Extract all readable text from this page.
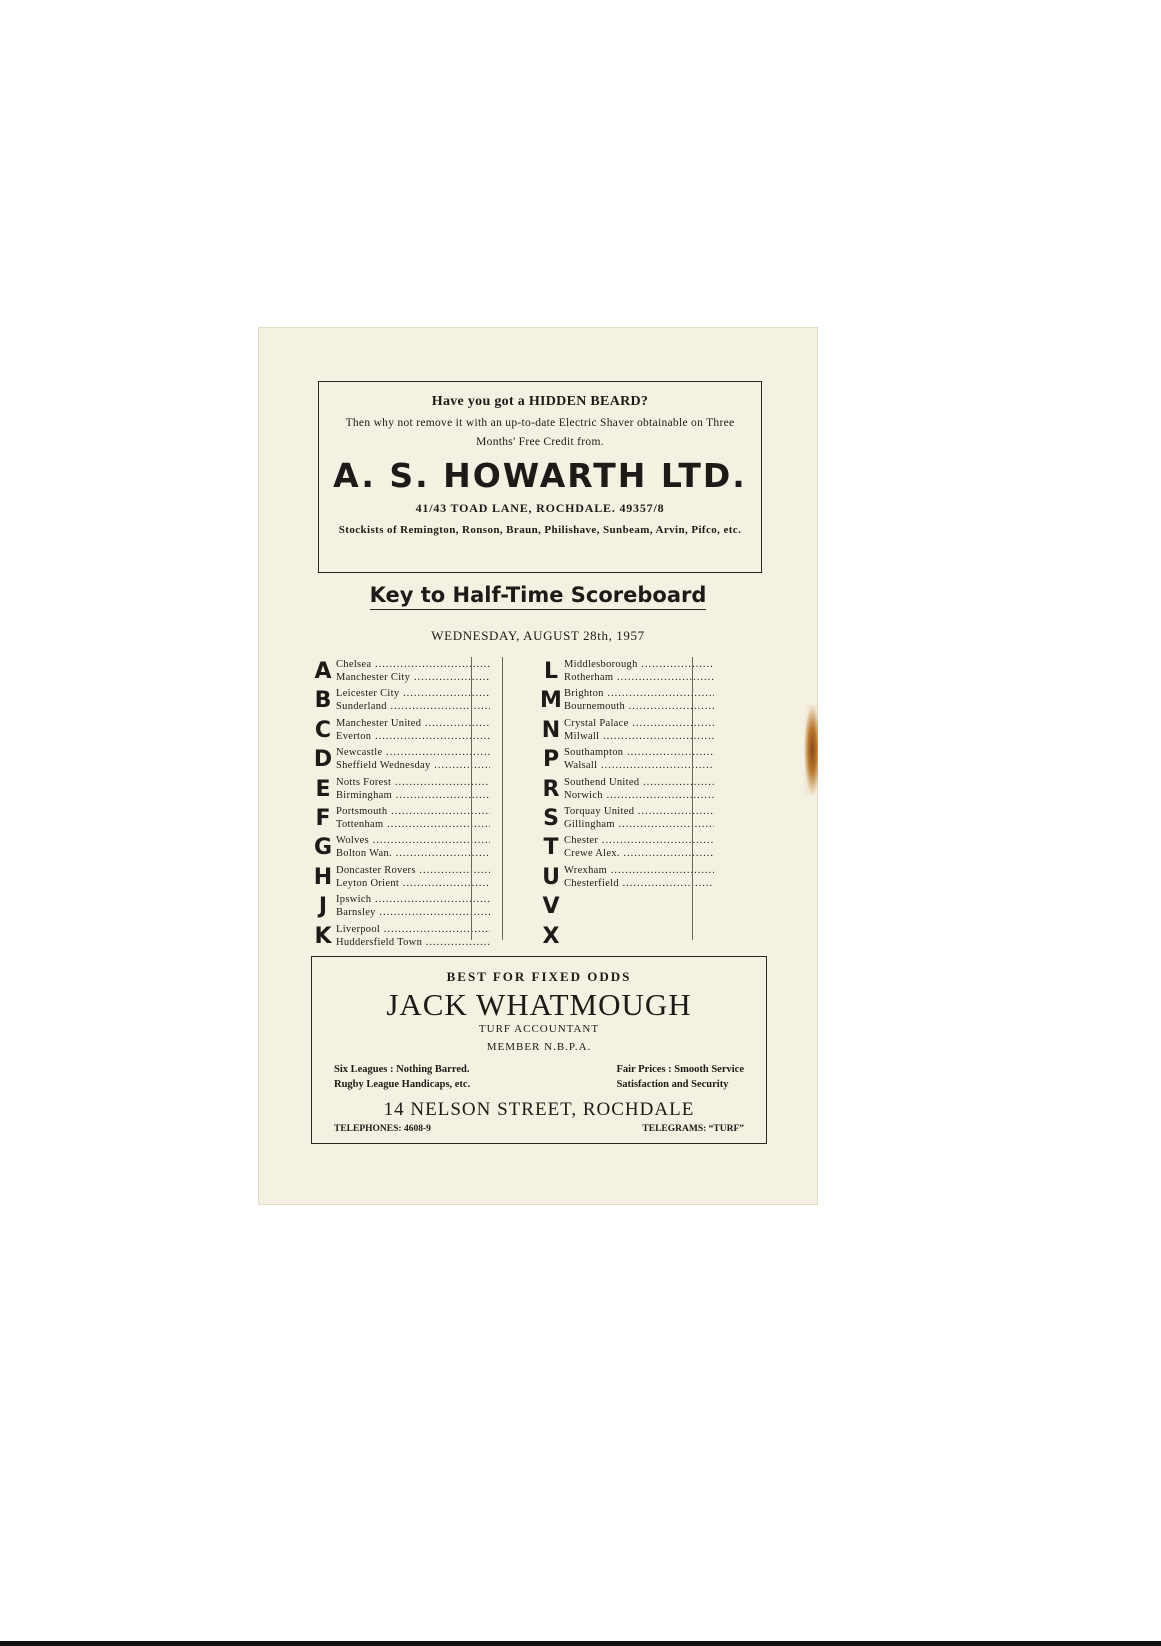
Have you got a HIDDEN BEARD?
Then why not remove it with an up-to-date Electric Shaver obtainable on Three Months' Free Credit from.
A. S. HOWARTH LTD.
41/43 TOAD LANE, ROCHDALE. 49357/8
Stockists of Remington, Ronson, Braun, Philishave, Sunbeam, Arvin, Pifco, etc.
Key to Half-Time Scoreboard
WEDNESDAY, AUGUST 28th, 1957
A Chelsea .....
Manchester City .....
B Leicester City .....
Sunderland .....
C Manchester United .....
Everton .....
D Newcastle .....
Sheffield Wednesday .....
E Notts Forest .....
Birmingham .....
F Portsmouth .....
Tottenham .....
G Wolves .....
Bolton Wan. .....
H Doncaster Rovers .....
Leyton Orient .....
J Ipswich .....
Barnsley .....
K Liverpool .....
Huddersfield Town .....
L Middlesborough .....
Rotherham .....
M Brighton .....
Bournemouth .....
N Crystal Palace .....
Milwall .....
P Southampton .....
Walsall .....
R Southend United .....
Norwich .....
S Torquay United .....
Gillingham .....
T Chester .....
Crewe Alex. .....
U Wrexham .....
Chesterfield .....
V
X
BEST FOR FIXED ODDS
JACK WHATMOUGH
TURF ACCOUNTANT
MEMBER N.B.P.A.
Six Leagues : Nothing Barred.
Rugby League Handicaps, etc.
Fair Prices : Smooth Service
Satisfaction and Security
14 NELSON STREET, ROCHDALE
TELEPHONES: 4608-9	TELEGRAMS: “TURF”
